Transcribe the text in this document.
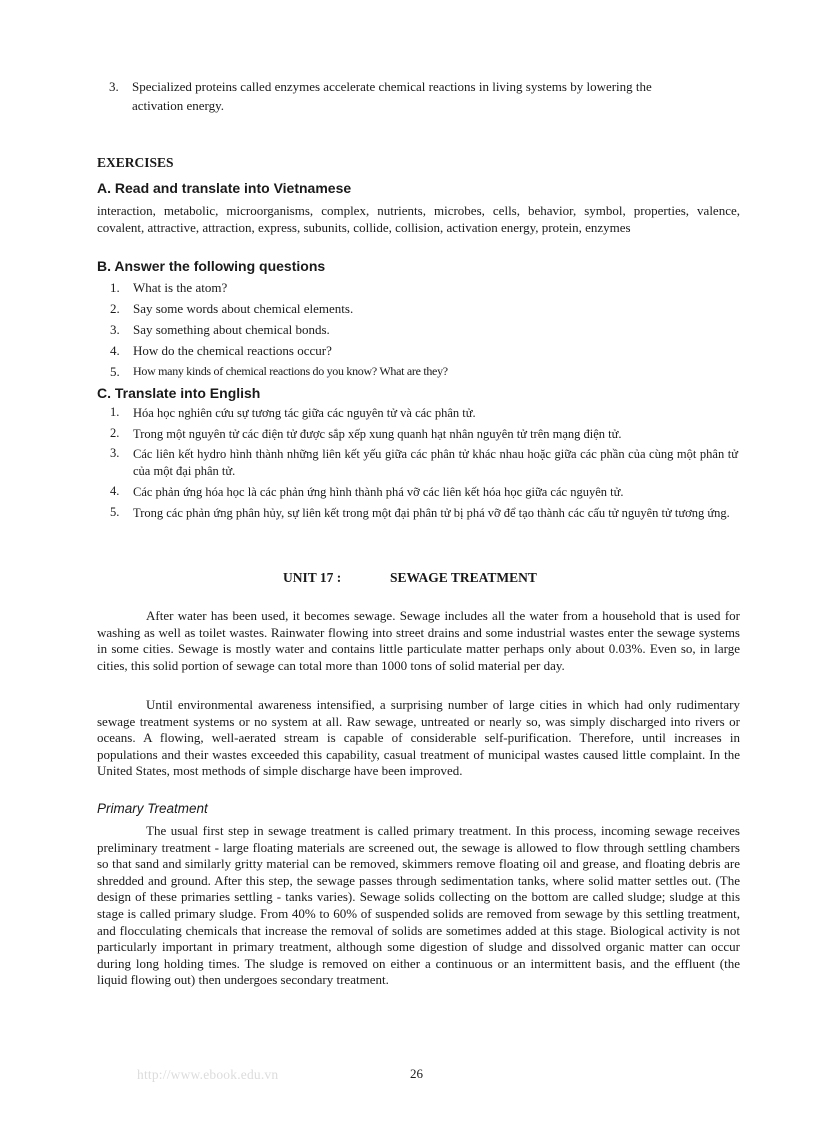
3. Specialized proteins called enzymes accelerate chemical reactions in living systems by lowering the
activation energy.
EXERCISES
A. Read and translate into Vietnamese
interaction, metabolic, microorganisms, complex, nutrients, microbes, cells, behavior, symbol, properties, valence, covalent, attractive, attraction, express, subunits, collide, collision, activation energy, protein, enzymes
B. Answer the following questions
1. What is the atom?
2. Say some words about chemical elements.
3. Say something about chemical bonds.
4. How do the chemical reactions occur?
5. How many kinds of chemical reactions do you know? What are they?
C. Translate into English
1. Hóa học nghiên cứu sự tương tác giữa các nguyên tử và các phân tử.
2. Trong một nguyên tử các điện tử được sắp xếp xung quanh hạt nhân nguyên tử trên mạng điện tử.
3. Các liên kết hydro hình thành những liên kết yếu giữa các phân tử khác nhau hoặc giữa các phần của cùng một phân tử của một đại phân tử.
4. Các phản ứng hóa học là các phản ứng hình thành phá vỡ các liên kết hóa học giữa các nguyên tử.
5. Trong các phản ứng phân hủy, sự liên kết trong một đại phân tử bị phá vỡ để tạo thành các cấu tử nguyên tử tương ứng.
UNIT 17 :	SEWAGE TREATMENT
After water has been used, it becomes sewage. Sewage includes all the water from a household that is used for washing as well as toilet wastes. Rainwater flowing into street drains and some industrial wastes enter the sewage systems in some cities. Sewage is mostly water and contains little particulate matter perhaps only about 0.03%. Even so, in large cities, this solid portion of sewage can total more than 1000 tons of solid material per day.
Until environmental awareness intensified, a surprising number of large cities in which had only rudimentary sewage treatment systems or no system at all. Raw sewage, untreated or nearly so, was simply discharged into rivers or oceans. A flowing, well-aerated stream is capable of considerable self-purification. Therefore, until increases in populations and their wastes exceeded this capability, casual treatment of municipal wastes caused little complaint. In the United States, most methods of simple discharge have been improved.
Primary Treatment
The usual first step in sewage treatment is called primary treatment. In this process, incoming sewage receives preliminary treatment - large floating materials are screened out, the sewage is allowed to flow through settling chambers so that sand and similarly gritty material can be removed, skimmers remove floating oil and grease, and floating debris are shredded and ground. After this step, the sewage passes through sedimentation tanks, where solid matter settles out. (The design of these primaries settling - tanks varies). Sewage solids collecting on the bottom are called sludge; sludge at this stage is called primary sludge. From 40% to 60% of suspended solids are removed from sewage by this settling treatment, and flocculating chemicals that increase the removal of solids are sometimes added at this stage. Biological activity is not particularly important in primary treatment, although some digestion of sludge and dissolved organic matter can occur during long holding times. The sludge is removed on either a continuous or an intermittent basis, and the effluent (the liquid flowing out) then undergoes secondary treatment.
http://www.ebook.edu.vn	26
